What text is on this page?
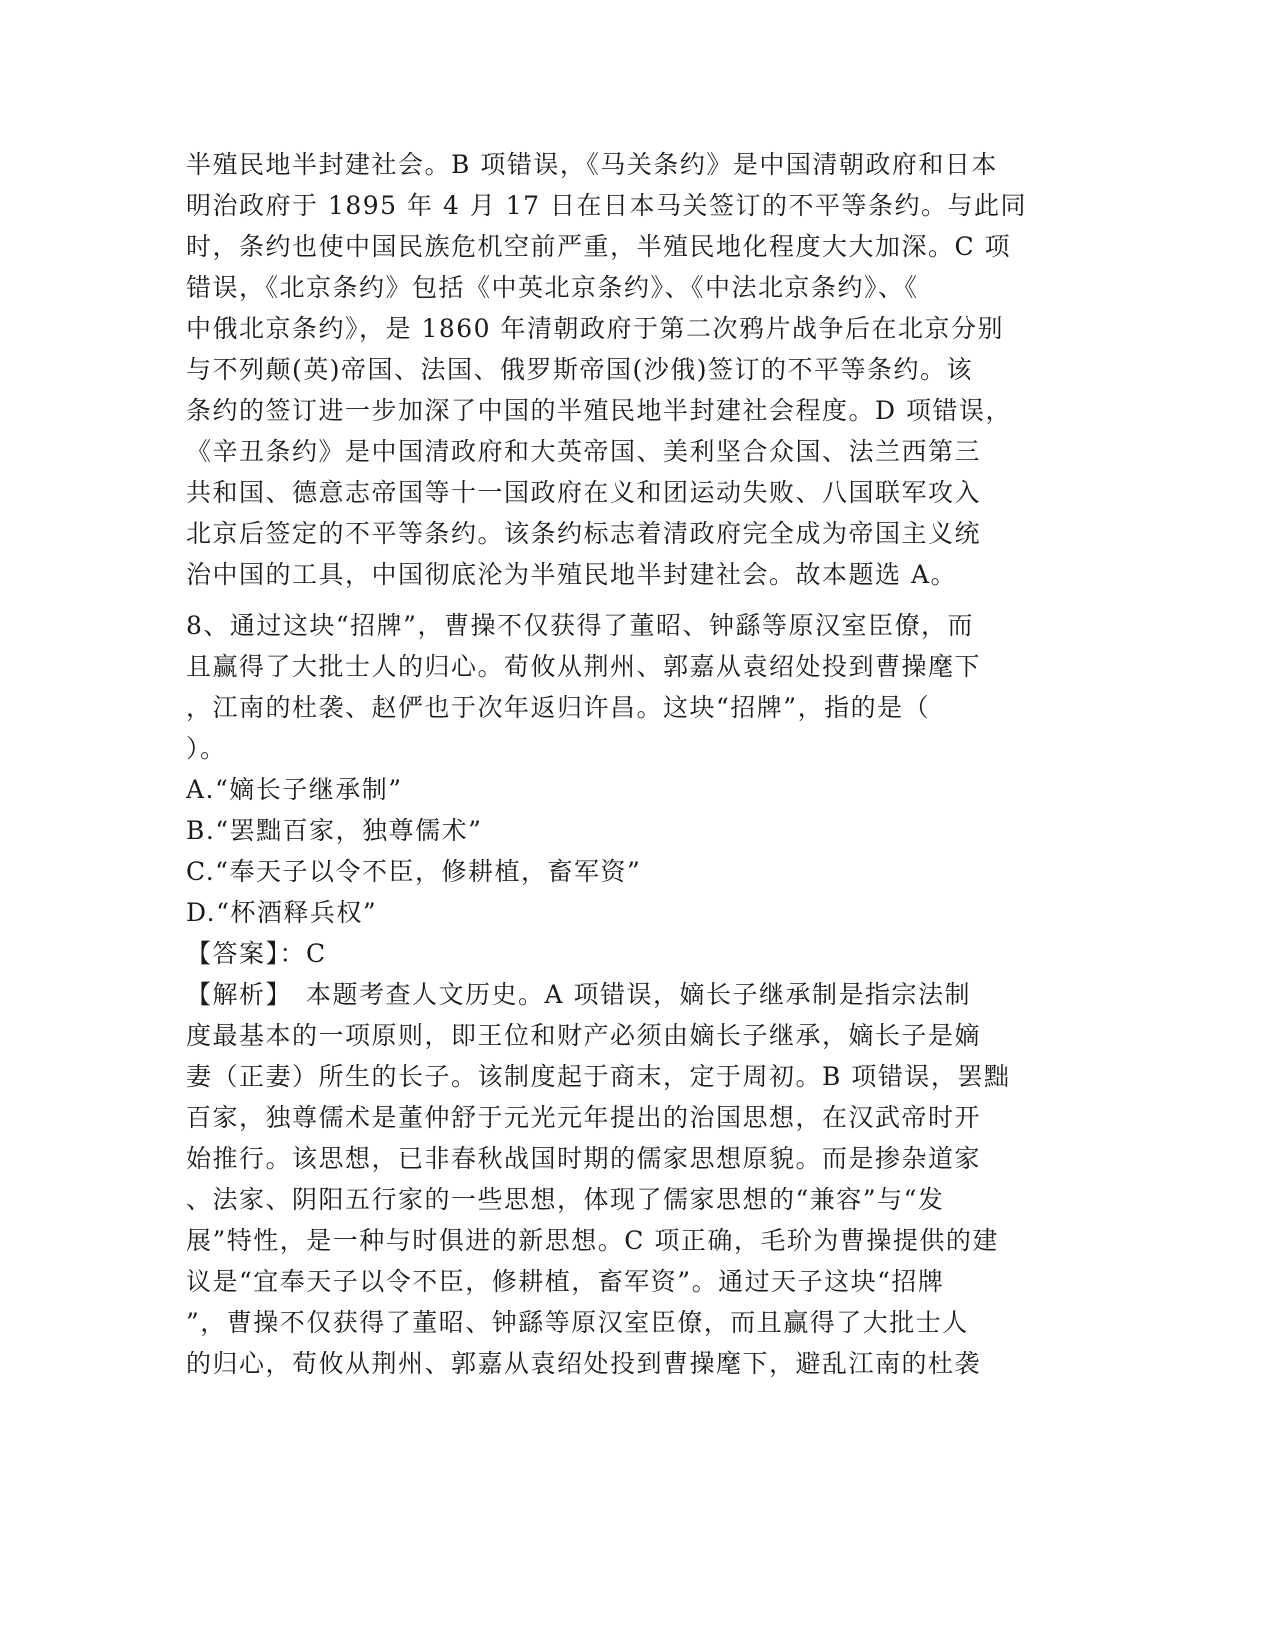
半殖民地半封建社会。B 项错误，《马关条约》是中国清朝政府和日本
明治政府于 1895 年 4 月 17 日在日本马关签订的不平等条约。与此同
时，条约也使中国民族危机空前严重，半殖民地化程度大大加深。C 项
错误，《北京条约》包括《中英北京条约》、《中法北京条约》、《
中俄北京条约》，是 1860 年清朝政府于第二次鸦片战争后在北京分别
与不列颠(英)帝国、法国、俄罗斯帝国(沙俄)签订的不平等条约。该
条约的签订进一步加深了中国的半殖民地半封建社会程度。D 项错误，
《辛丑条约》是中国清政府和大英帝国、美利坚合众国、法兰西第三
共和国、德意志帝国等十一国政府在义和团运动失败、八国联军攻入
北京后签定的不平等条约。该条约标志着清政府完全成为帝国主义统
治中国的工具，中国彻底沦为半殖民地半封建社会。故本题选 A。
8、通过这块“招牌”，曹操不仅获得了董昭、钟繇等原汉室臣僚，而
且赢得了大批士人的归心。荀攸从荆州、郭嘉从袁绍处投到曹操麾下
，江南的杜袭、赵俨也于次年返归许昌。这块“招牌”，指的是（
）。
A.“嫡长子继承制”
B.“罢黜百家，独尊儒术”
C.“奉天子以令不臣，修耕植，畜军资”
D.“杯酒释兵权”
【答案】：C
【解析】　本题考查人文历史。A 项错误，嫡长子继承制是指宗法制
度最基本的一项原则，即王位和财产必须由嫡长子继承，嫡长子是嫡
妻（正妻）所生的长子。该制度起于商末，定于周初。B 项错误，罢黜
百家，独尊儒术是董仲舒于元光元年提出的治国思想，在汉武帝时开
始推行。该思想，已非春秋战国时期的儒家思想原貌。而是掺杂道家
、法家、阴阳五行家的一些思想，体现了儒家思想的“兼容”与“发
展”特性，是一种与时俱进的新思想。C 项正确，毛玠为曹操提供的建
议是“宜奉天子以令不臣，修耕植，畜军资”。通过天子这块“招牌
”，曹操不仅获得了董昭、钟繇等原汉室臣僚，而且赢得了大批士人
的归心，荀攸从荆州、郭嘉从袁绍处投到曹操麾下，避乱江南的杜袭
